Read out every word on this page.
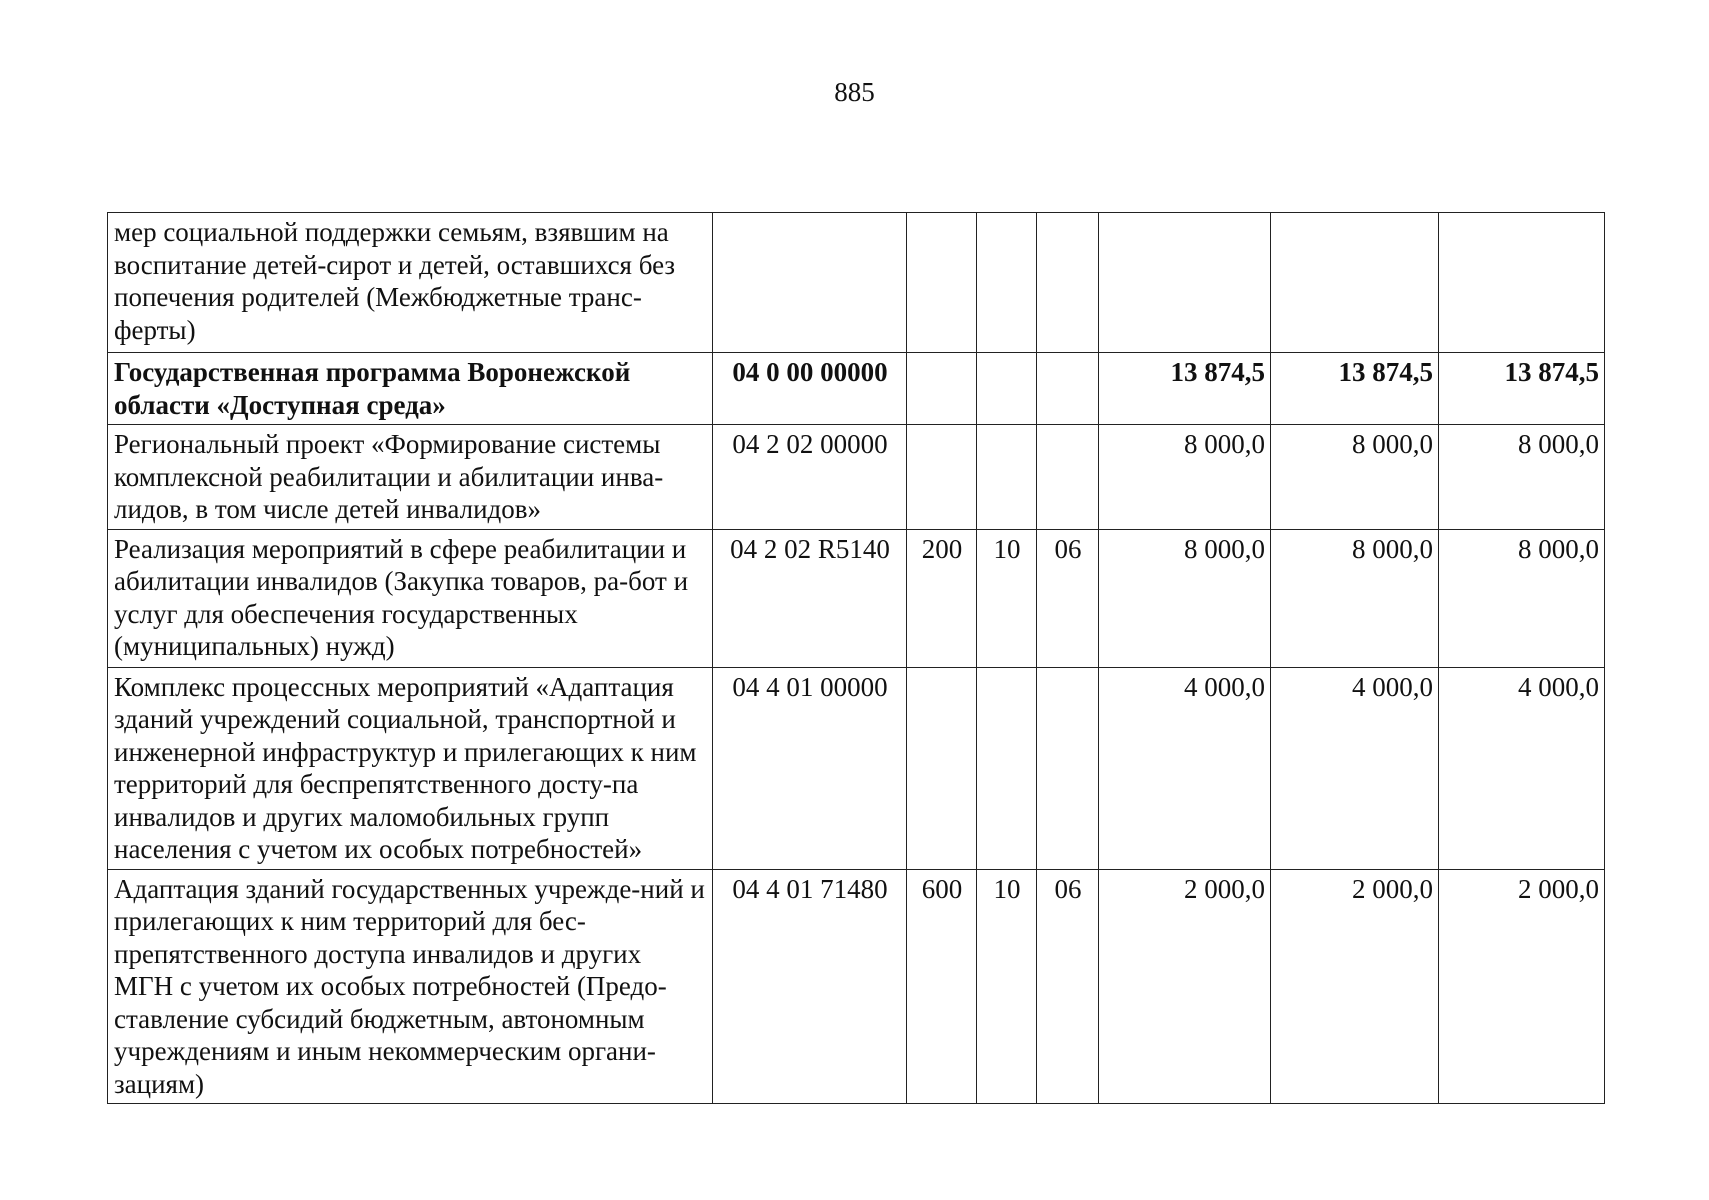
885
мер социальной поддержки семьям, взявшим на воспитание детей-сирот и детей, оставшихся без попечения родителей (Межбюджетные транс-ферты)							
Государственная программа Воронежской области «Доступная среда»	04 0 00 00000				13 874,5	13 874,5	13 874,5
Региональный проект «Формирование системы комплексной реабилитации и абилитации инва-лидов, в том числе детей инвалидов»	04 2 02 00000				8 000,0	8 000,0	8 000,0
Реализация мероприятий в сфере реабилитации и абилитации инвалидов (Закупка товаров, ра-бот и услуг для обеспечения государственных (муниципальных) нужд)	04 2 02 R5140	200	10	06	8 000,0	8 000,0	8 000,0
Комплекс процессных мероприятий «Адаптация зданий учреждений социальной, транспортной и инженерной инфраструктур и прилегающих к ним территорий для беспрепятственного досту-па инвалидов и других маломобильных групп населения с учетом их особых потребностей»	04 4 01 00000				4 000,0	4 000,0	4 000,0
Адаптация зданий государственных учрежде-ний и прилегающих к ним территорий для бес-препятственного доступа инвалидов и других МГН с учетом их особых потребностей (Предо-ставление субсидий бюджетным, автономным учреждениям и иным некоммерческим органи-зациям)	04 4 01 71480	600	10	06	2 000,0	2 000,0	2 000,0
